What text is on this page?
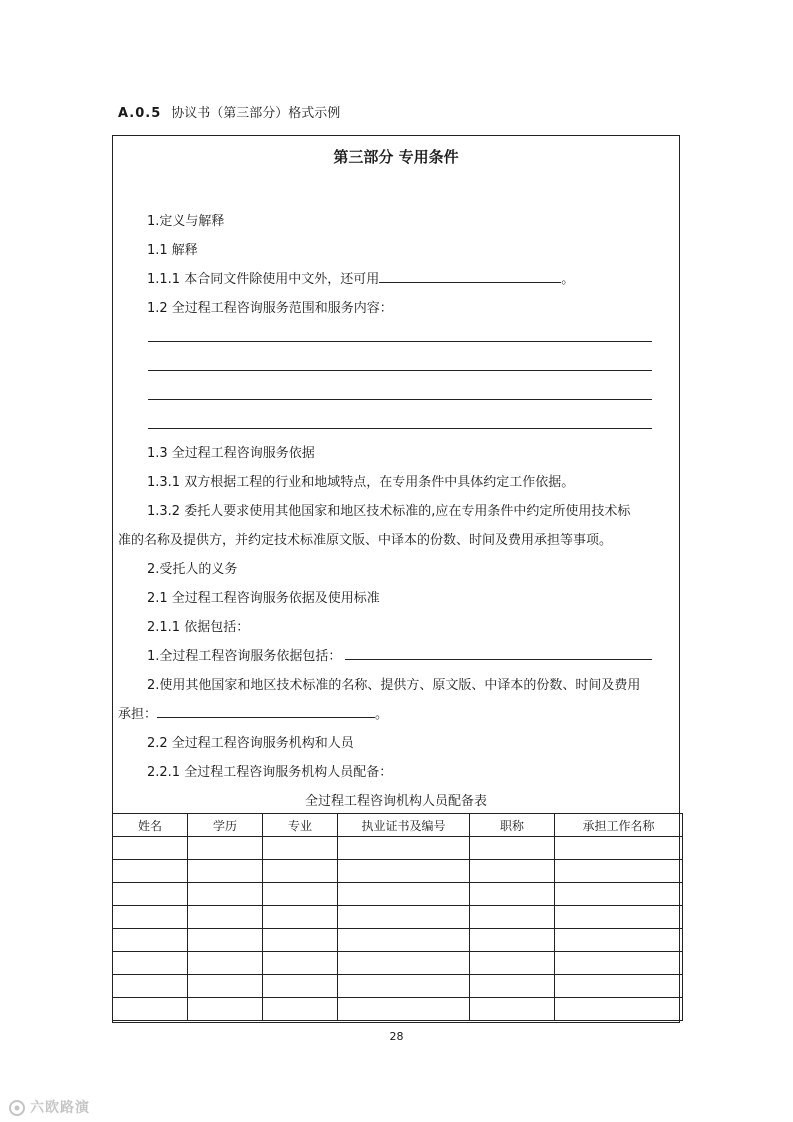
A.0.5 协议书（第三部分）格式示例
第三部分 专用条件
1.定义与解释
1.1 解释
1.1.1 本合同文件除使用中文外，还可用	。
1.2 全过程工程咨询服务范围和服务内容：
1.3 全过程工程咨询服务依据
1.3.1 双方根据工程的行业和地域特点，在专用条件中具体约定工作依据。
1.3.2 委托人要求使用其他国家和地区技术标准的,应在专用条件中约定所使用技术标
准的名称及提供方，并约定技术标准原文版、中译本的份数、时间及费用承担等事项。
2.受托人的义务
2.1 全过程工程咨询服务依据及使用标准
2.1.1 依据包括：
1.全过程工程咨询服务依据包括：
2.使用其他国家和地区技术标准的名称、提供方、原文版、中译本的份数、时间及费用
承担：	。
2.2 全过程工程咨询服务机构和人员
2.2.1 全过程工程咨询服务机构人员配备：
全过程工程咨询机构人员配备表
姓名	学历	专业	执业证书及编号	职称	承担工作名称

28
六欧路演
